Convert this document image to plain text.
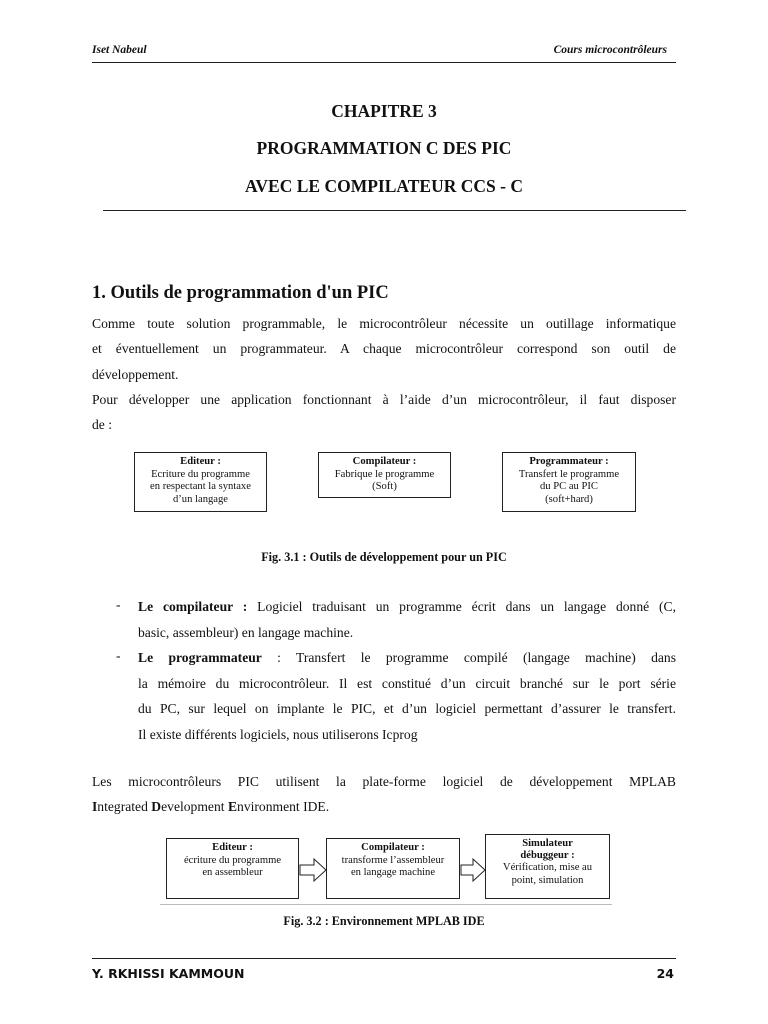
Iset Nabeul	Cours microcontrôleurs
CHAPITRE 3
PROGRAMMATION C DES PIC
AVEC LE COMPILATEUR CCS - C
1. Outils de programmation d'un PIC
Comme toute solution programmable, le microcontrôleur nécessite un outillage informatique
et éventuellement un programmateur. A chaque microcontrôleur correspond son outil de
développement.
Pour développer une application fonctionnant à l’aide d’un microcontrôleur, il faut disposer
de :
Editeur :
Ecriture du programme
en respectant la syntaxe
d’un langage
Compilateur :
Fabrique le programme
(Soft)
Programmateur :
Transfert le programme
du PC au PIC
(soft+hard)
Fig. 3.1 : Outils de développement pour un PIC
- Le compilateur : Logiciel traduisant un programme écrit dans un langage donné (C,
basic, assembleur) en langage machine.
- Le programmateur : Transfert le programme compilé (langage machine) dans
la mémoire du microcontrôleur. Il est constitué d’un circuit branché sur le port série
du PC, sur lequel on implante le PIC, et d’un logiciel permettant d’assurer le transfert.
Il existe différents logiciels, nous utiliserons Icprog
Les microcontrôleurs PIC utilisent la plate-forme logiciel de développement MPLAB
Integrated Development Environment IDE.
Editeur :
écriture du programme
en assembleur
Compilateur :
transforme l’assembleur
en langage machine
Simulateur
débuggeur :
Vérification, mise au
point, simulation
Fig. 3.2 : Environnement MPLAB IDE
Y. RKHISSI KAMMOUN	24
